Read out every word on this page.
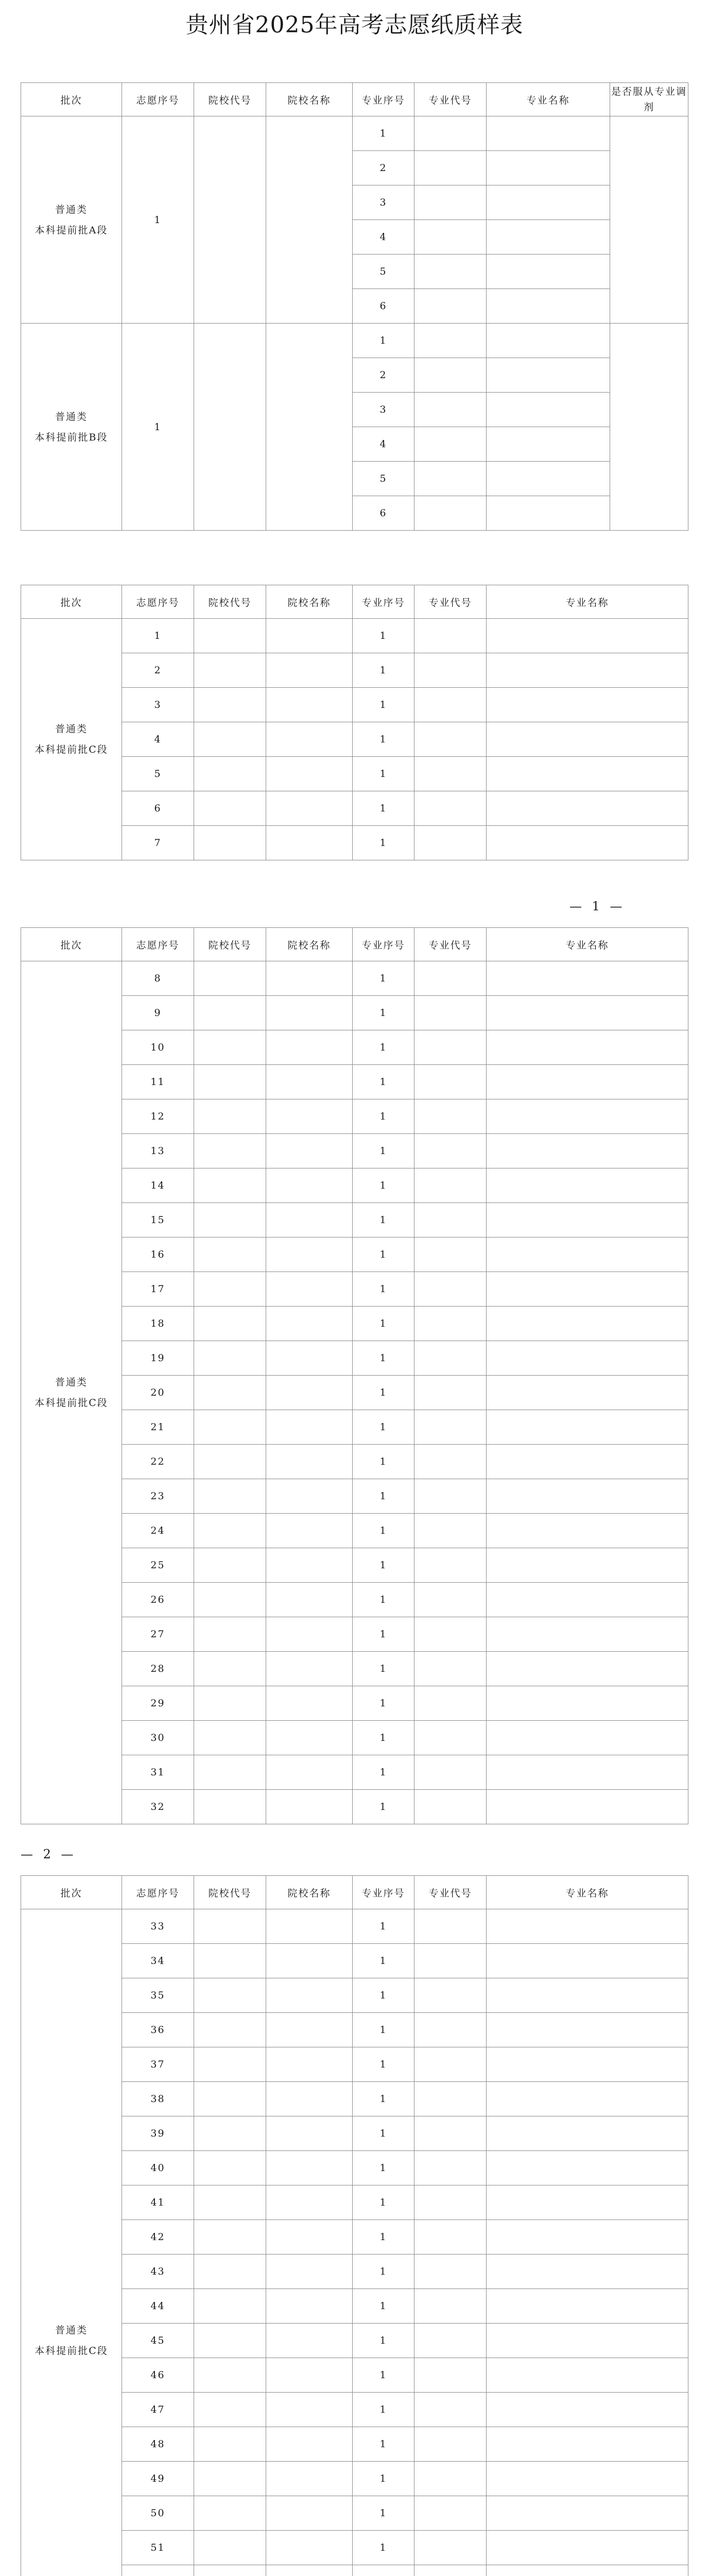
贵州省2025年高考志愿纸质样表
批次	志愿序号	院校代号	院校名称	专业序号	专业代号	专业名称	是否服从专业调剂

普通类
本科提前批A段	1			1			
				2			
				3			
				4			
				5			
				6			

普通类
本科提前批B段	1			1			
				2			
				3			
				4			
				5			
				6			
批次	志愿序号	院校代号	院校名称	专业序号	专业代号	专业名称

普通类
本科提前批C段	1			1		
	2			1		
	3			1		
	4			1		
	5			1		
	6			1		
	7			1		
— 1 —
批次	志愿序号	院校代号	院校名称	专业序号	专业代号	专业名称

普通类
本科提前批C段	8			1		
	9			1		
	10			1		
	11			1		
	12			1		
	13			1		
	14			1		
	15			1		
	16			1		
	17			1		
	18			1		
	19			1		
	20			1		
	21			1		
	22			1		
	23			1		
	24			1		
	25			1		
	26			1		
	27			1		
	28			1		
	29			1		
	30			1		
	31			1		
	32			1		
— 2 —
批次	志愿序号	院校代号	院校名称	专业序号	专业代号	专业名称

普通类
本科提前批C段	33			1		
	34			1		
	35			1		
	36			1		
	37			1		
	38			1		
	39			1		
	40			1		
	41			1		
	42			1		
	43			1		
	44			1		
	45			1		
	46			1		
	47			1		
	48			1		
	49			1		
	50			1		
	51			1		
